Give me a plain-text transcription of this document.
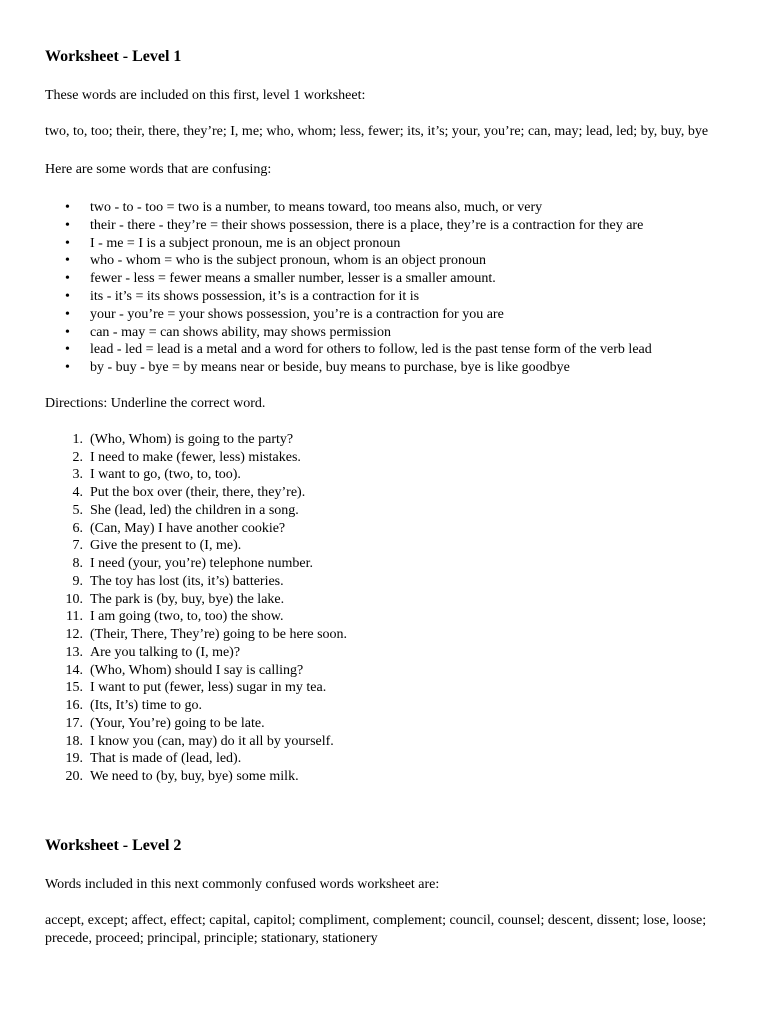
Worksheet - Level 1

These words are included on this first, level 1 worksheet:

two, to, too; their, there, they’re; I, me; who, whom; less, fewer; its, it’s; your, you’re; can, may; lead, led; by, buy, bye

Here are some words that are confusing:

• two - to - too = two is a number, to means toward, too means also, much, or very
• their - there - they’re = their shows possession, there is a place, they’re is a contraction for they are
• I - me = I is a subject pronoun, me is an object pronoun
• who - whom = who is the subject pronoun, whom is an object pronoun
• fewer - less = fewer means a smaller number, lesser is a smaller amount.
• its - it’s = its shows possession, it’s is a contraction for it is
• your - you’re = your shows possession, you’re is a contraction for you are
• can - may = can shows ability, may shows permission
• lead - led = lead is a metal and a word for others to follow, led is the past tense form of the verb lead
• by - buy - bye = by means near or beside, buy means to purchase, bye is like goodbye

Directions: Underline the correct word.

1. (Who, Whom) is going to the party?
2. I need to make (fewer, less) mistakes.
3. I want to go, (two, to, too).
4. Put the box over (their, there, they’re).
5. She (lead, led) the children in a song.
6. (Can, May) I have another cookie?
7. Give the present to (I, me).
8. I need (your, you’re) telephone number.
9. The toy has lost (its, it’s) batteries.
10. The park is (by, buy, bye) the lake.
11. I am going (two, to, too) the show.
12. (Their, There, They’re) going to be here soon.
13. Are you talking to (I, me)?
14. (Who, Whom) should I say is calling?
15. I want to put (fewer, less) sugar in my tea.
16. (Its, It’s) time to go.
17. (Your, You’re) going to be late.
18. I know you (can, may) do it all by yourself.
19. That is made of (lead, led).
20. We need to (by, buy, bye) some milk.
Worksheet - Level 2

Words included in this next commonly confused words worksheet are:

accept, except; affect, effect; capital, capitol; compliment, complement; council, counsel; descent, dissent; lose, loose; precede, proceed; principal, principle; stationary, stationery
